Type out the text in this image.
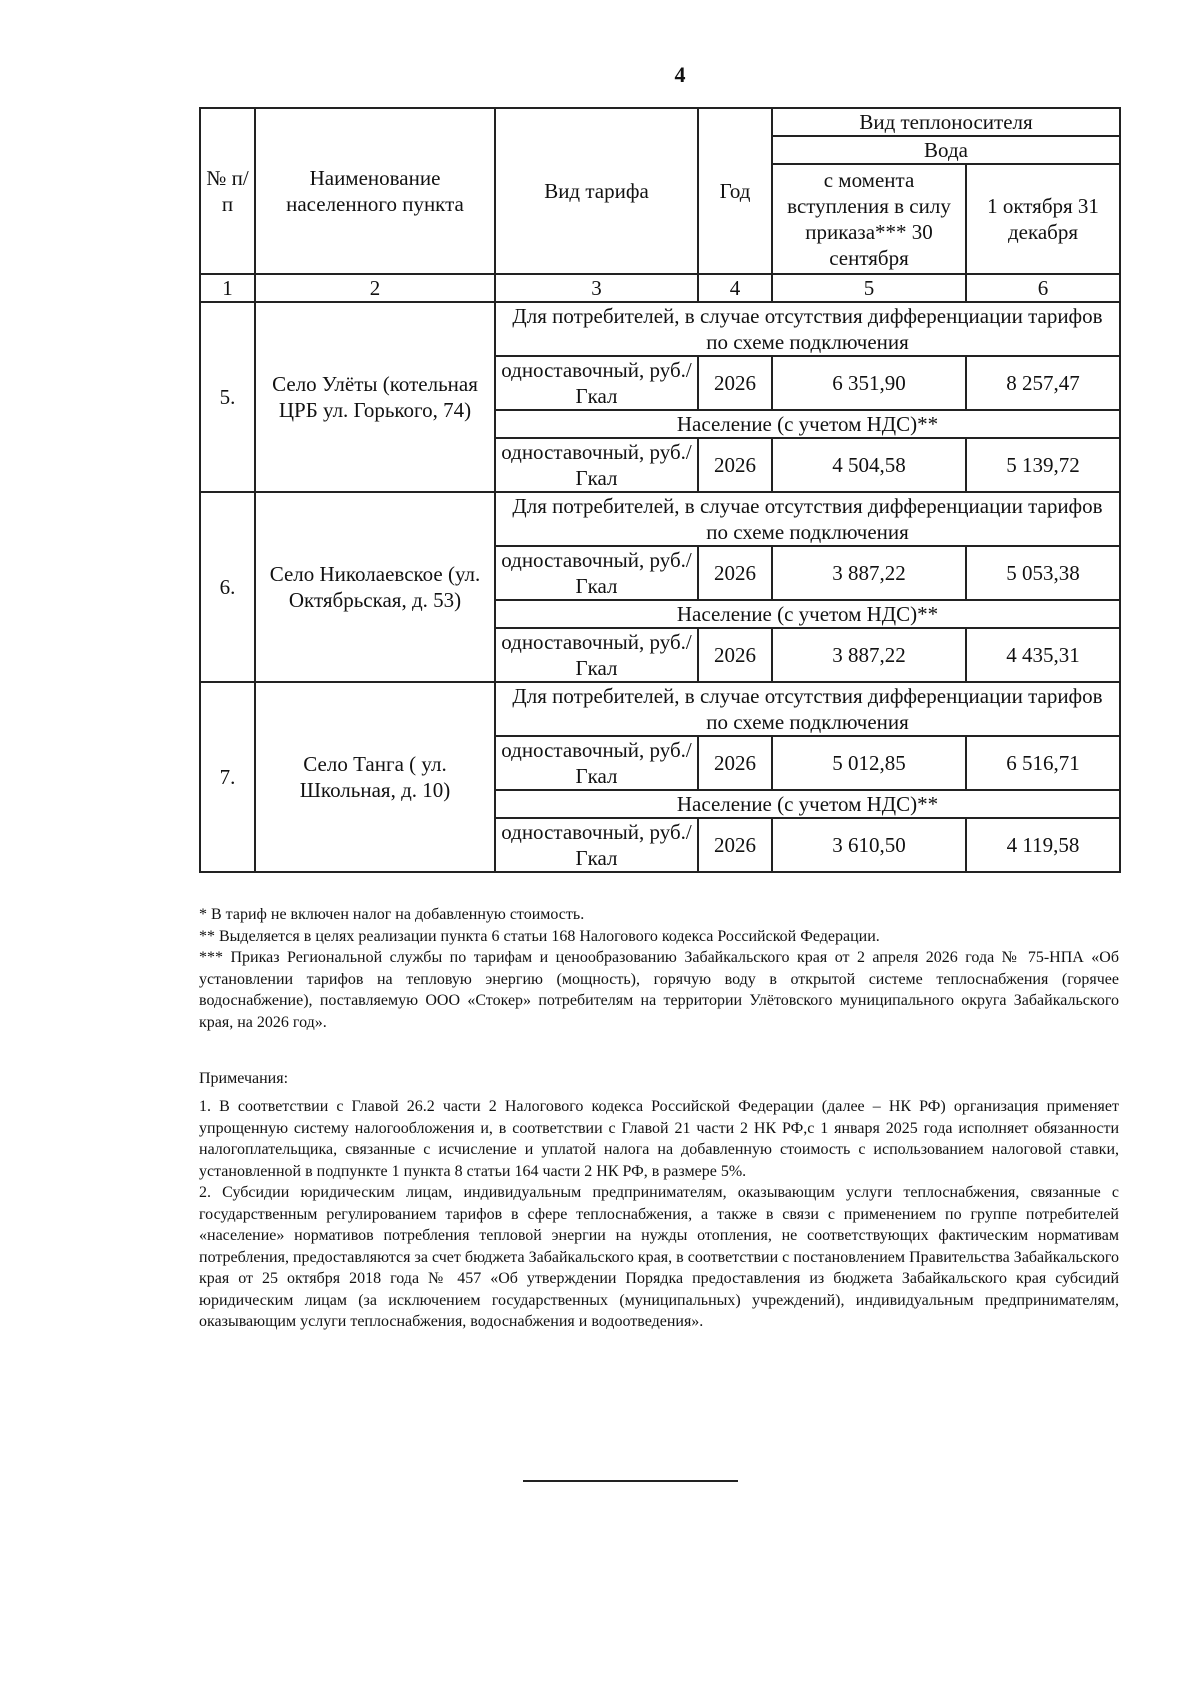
4
№ п/п	Наименование населенного пункта	Вид тарифа	Год	Вид теплоносителя	
				Вода	
				с момента вступления в силу приказа*** 30 сентября	1 октября 31 декабря
1	2	3	4	5	6
5.	Село Улёты (котельная ЦРБ ул. Горького, 74)	Для потребителей, в случае отсутствия дифференциации тарифов по схеме подключения			
		одноставочный, руб./Гкал	2026	6 351,90	8 257,47
		Население (с учетом НДС)**			
		одноставочный, руб./Гкал	2026	4 504,58	5 139,72
6.	Село Николаевское (ул. Октябрьская, д. 53)	Для потребителей, в случае отсутствия дифференциации тарифов по схеме подключения			
		одноставочный, руб./Гкал	2026	3 887,22	5 053,38
		Население (с учетом НДС)**			
		одноставочный, руб./Гкал	2026	3 887,22	4 435,31
7.	Село Танга ( ул. Школьная, д. 10)	Для потребителей, в случае отсутствия дифференциации тарифов по схеме подключения			
		одноставочный, руб./Гкал	2026	5 012,85	6 516,71
		Население (с учетом НДС)**			
		одноставочный, руб./Гкал	2026	3 610,50	4 119,58

* В тариф не включен налог на добавленную стоимость.

** Выделяется в целях реализации пункта 6 статьи 168 Налогового кодекса Российской Федерации.

*** Приказ Региональной службы по тарифам и ценообразованию Забайкальского края от 2 апреля 2026 года № 75-НПА «Об установлении тарифов на тепловую энергию (мощность), горячую воду в открытой системе теплоснабжения (горячее водоснабжение), поставляемую ООО «Стокер» потребителям на территории Улётовского муниципального округа Забайкальского края, на 2026 год».

Примечания:

1. В соответствии с Главой 26.2 части 2 Налогового кодекса Российской Федерации (далее – НК РФ) организация применяет упрощенную систему налогообложения и, в соответствии с Главой 21 части 2 НК РФ,с 1 января 2025 года исполняет обязанности налогоплательщика, связанные с исчисление и уплатой налога на добавленную стоимость с использованием налоговой ставки, установленной в подпункте 1 пункта 8 статьи 164 части 2 НК РФ, в размере 5%.

2. Субсидии юридическим лицам, индивидуальным предпринимателям, оказывающим услуги теплоснабжения, связанные с государственным регулированием тарифов в сфере теплоснабжения, а также в связи с применением по группе потребителей «население» нормативов потребления тепловой энергии на нужды отопления, не соответствующих фактическим нормативам потребления, предоставляются за счет бюджета Забайкальского края, в соответствии с постановлением Правительства Забайкальского края от 25 октября 2018 года № 457 «Об утверждении Порядка предоставления из бюджета Забайкальского края субсидий юридическим лицам (за исключением государственных (муниципальных) учреждений), индивидуальным предпринимателям, оказывающим услуги теплоснабжения, водоснабжения и водоотведения».
